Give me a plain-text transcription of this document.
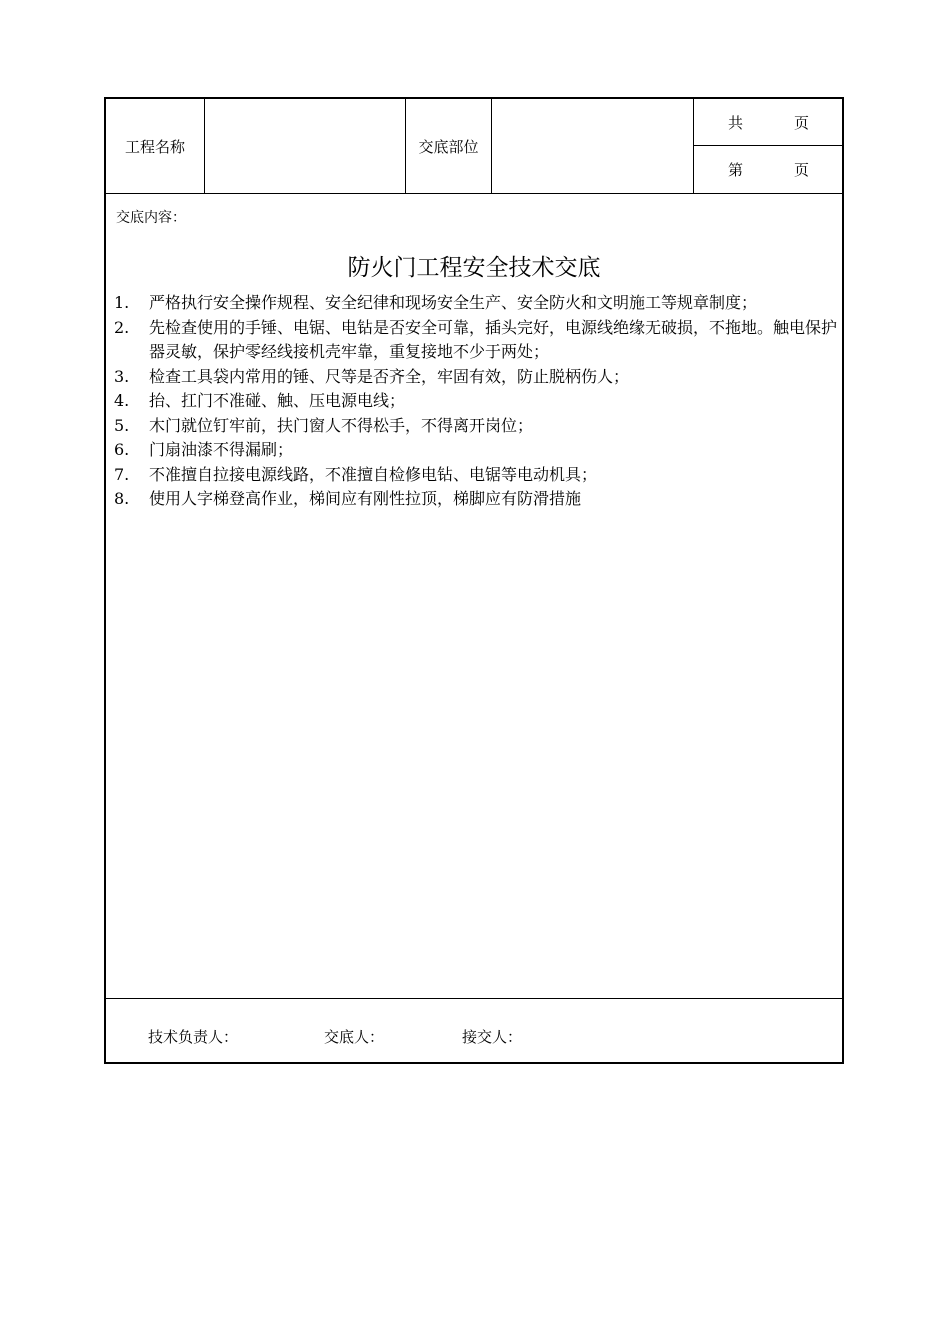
工程名称	交底部位
共	页
第	页
交底内容：
防火门工程安全技术交底
1. 严格执行安全操作规程、安全纪律和现场安全生产、安全防火和文明施工等规章制度；
2. 先检查使用的手锤、电锯、电钻是否安全可靠，插头完好，电源线绝缘无破损，不拖地。触电保护器灵敏，保护零经线接机壳牢靠，重复接地不少于两处；
3. 检查工具袋内常用的锤、尺等是否齐全，牢固有效，防止脱柄伤人；
4. 抬、扛门不准碰、触、压电源电线；
5. 木门就位钉牢前，扶门窗人不得松手，不得离开岗位；
6. 门扇油漆不得漏刷；
7. 不准擅自拉接电源线路，不准擅自检修电钻、电锯等电动机具；
8. 使用人字梯登高作业，梯间应有刚性拉顶，梯脚应有防滑措施
技术负责人：	交底人：	接交人：
